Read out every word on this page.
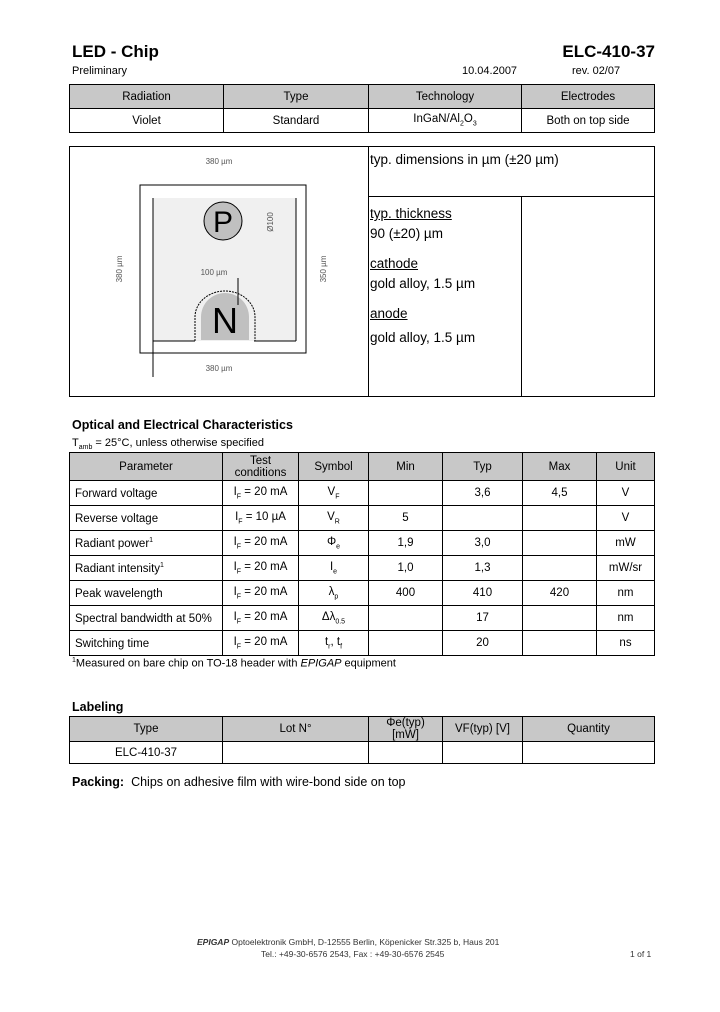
LED - Chip	ELC-410-37
Preliminary	10.04.2007	rev. 02/07
Radiation	Type	Technology	Electrodes
Violet	Standard	InGaN/$Al_2O_3$	Both on top side
P
N
380 µm
380 µm
100 µm
380 µm	350 µm
Ø100
typ. dimensions in µm (±20 µm)
typ. thickness
90 (±20) µm
cathode
gold alloy, 1.5 µm
anode
gold alloy, 1.5 µm
Optical and Electrical Characteristics
$T_{amb} = 25^\circ C$, unless otherwise specified
Parameter	Test conditions	Symbol	Min	Typ	Max	Unit
Forward voltage	$I_F = 20$ mA	$V_F$		3,6	4,5	V
Reverse voltage	$I_F = 10$ µA	$V_R$	5			V
Radiant power$^1$	$I_F = 20$ mA	$\Phi_e$	1,9	3,0		mW
Radiant intensity$^1$	$I_F = 20$ mA	$I_e$	1,0	1,3		mW/sr
Peak wavelength	$I_F = 20$ mA	$\lambda_p$	400	410	420	nm
Spectral bandwidth at 50%	$I_F = 20$ mA	$\Delta\lambda_{0.5}$		17		nm
Switching time	$I_F = 20$ mA	$t_r$, $t_f$		20		ns
$^1$Measured on bare chip on TO-18 header with EPIGAP equipment
Labeling
Type	Lot N°	Φe(typ) [mW]	VF(typ) [V]	Quantity
ELC-410-37				
Packing: Chips on adhesive film with wire-bond side on top
EPIGAP Optoelektronik GmbH, D-12555 Berlin, Köpenicker Str.325 b, Haus 201
Tel.: +49-30-6576 2543, Fax : +49-30-6576 2545	1 of 1
